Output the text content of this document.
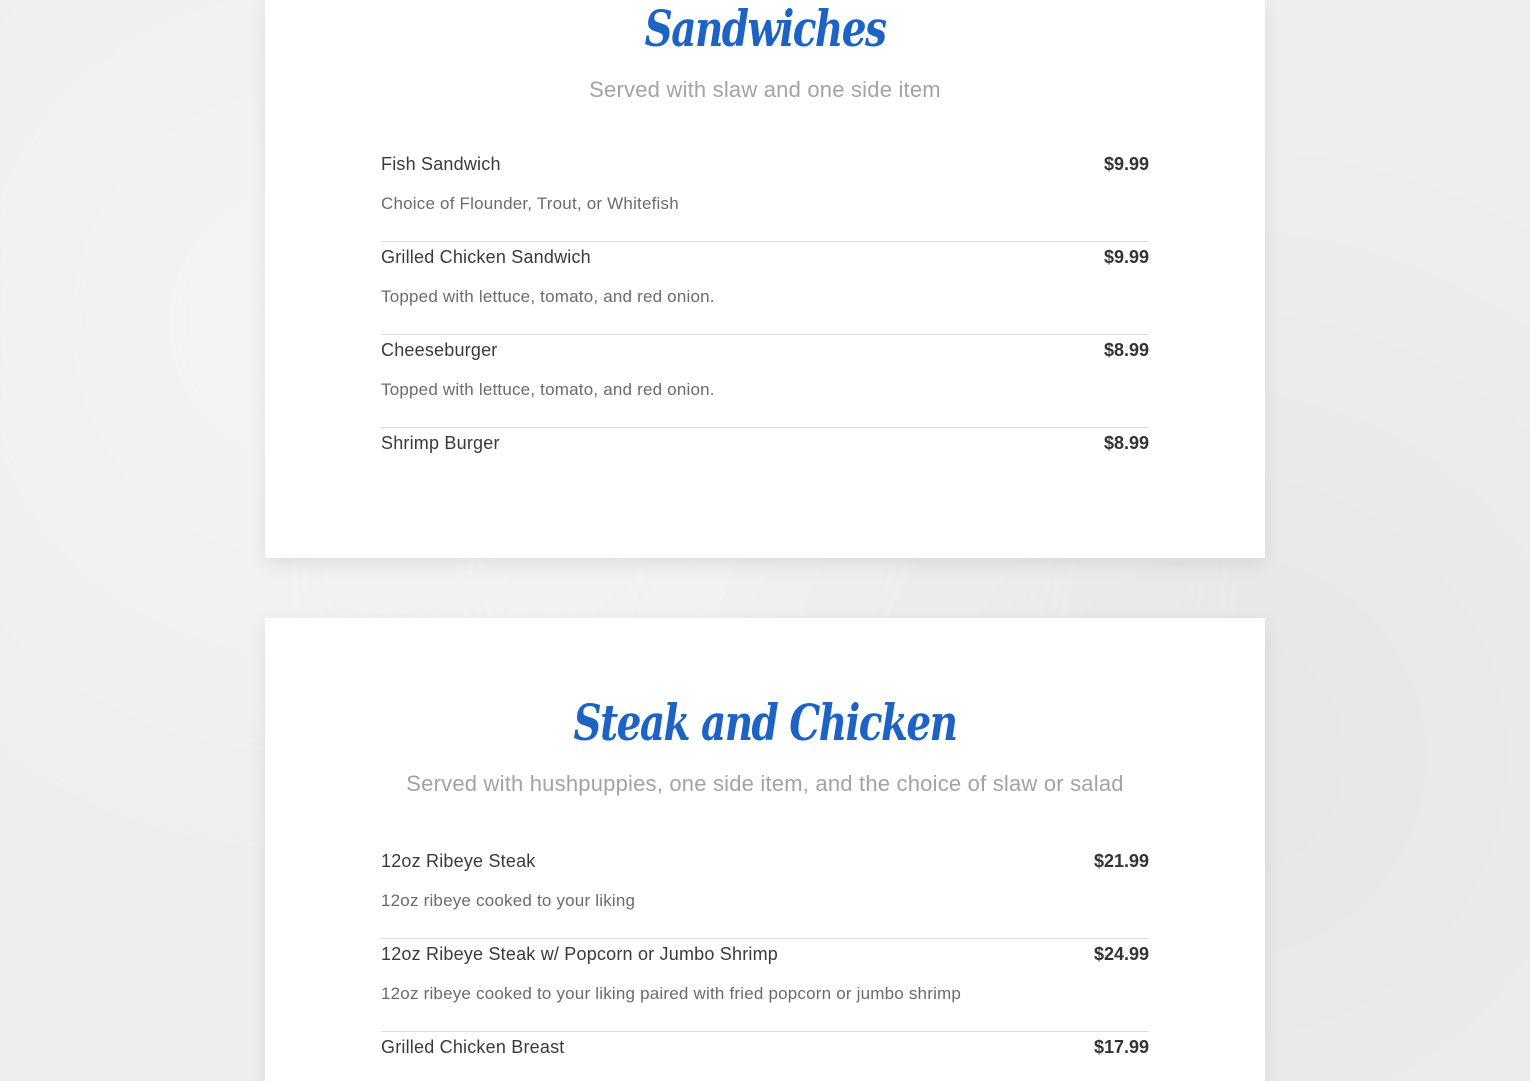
Sandwiches
Served with slaw and one side item
Fish Sandwich	$9.99
Choice of Flounder, Trout, or Whitefish
Grilled Chicken Sandwich	$9.99
Topped with lettuce, tomato, and red onion.
Cheeseburger	$8.99
Topped with lettuce, tomato, and red onion.
Shrimp Burger	$8.99
Steak and Chicken
Served with hushpuppies, one side item, and the choice of slaw or salad
12oz Ribeye Steak	$21.99
12oz ribeye cooked to your liking
12oz Ribeye Steak w/ Popcorn or Jumbo Shrimp	$24.99
12oz ribeye cooked to your liking paired with fried popcorn or jumbo shrimp
Grilled Chicken Breast	$17.99
